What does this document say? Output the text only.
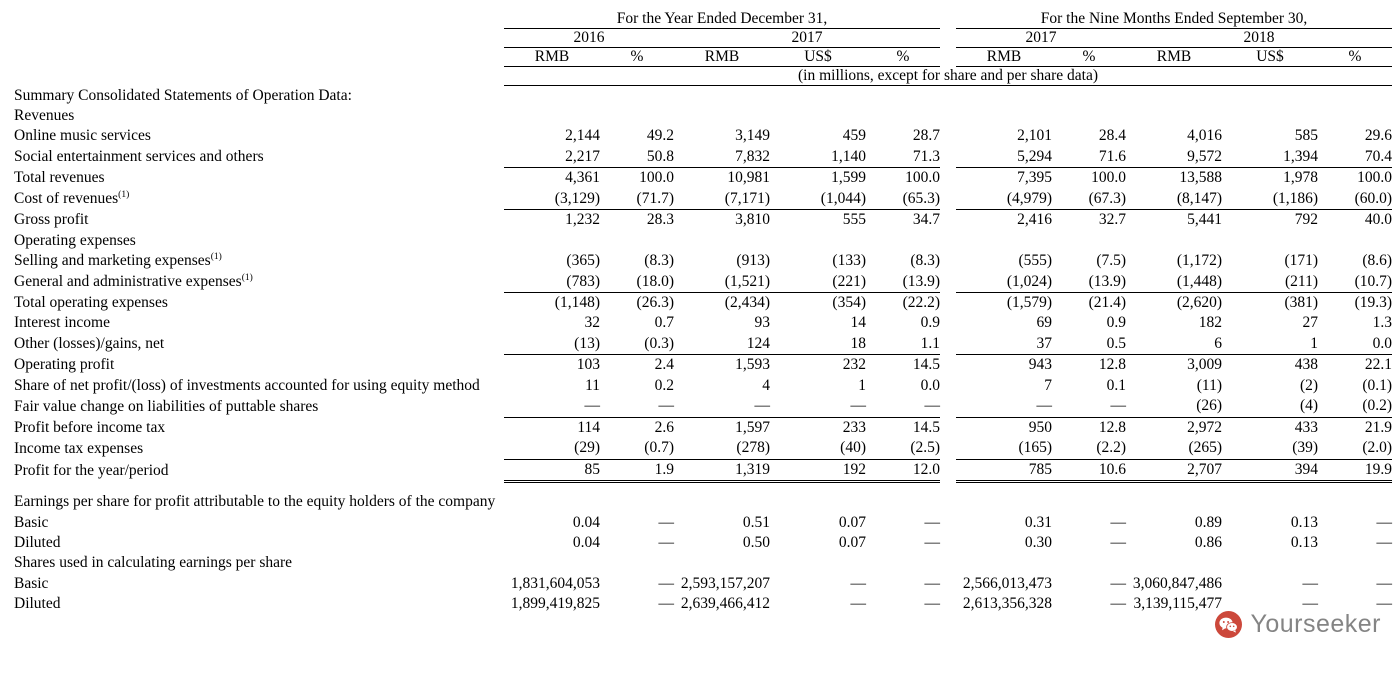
	For the Year Ended December 31,						For the Nine Months Ended September 30,				
	2016		2017				2017		2018		
	RMB	%	RMB	US$	%		RMB	%	RMB	US$	%
	(in millions, except for share and per share data)										
Summary Consolidated Statements of Operation Data:											
Revenues											
Online music services	2,144	49.2	3,149	459	28.7		2,101	28.4	4,016	585	29.6
Social entertainment services and others	2,217	50.8	7,832	1,140	71.3		5,294	71.6	9,572	1,394	70.4
Total revenues	4,361	100.0	10,981	1,599	100.0		7,395	100.0	13,588	1,978	100.0
Cost of revenues$^{(1)}$	(3,129)	(71.7)	(7,171)	(1,044)	(65.3)		(4,979)	(67.3)	(8,147)	(1,186)	(60.0)
Gross profit	1,232	28.3	3,810	555	34.7		2,416	32.7	5,441	792	40.0
Operating expenses											
Selling and marketing expenses$^{(1)}$	(365)	(8.3)	(913)	(133)	(8.3)		(555)	(7.5)	(1,172)	(171)	(8.6)
General and administrative expenses$^{(1)}$	(783)	(18.0)	(1,521)	(221)	(13.9)		(1,024)	(13.9)	(1,448)	(211)	(10.7)
Total operating expenses	(1,148)	(26.3)	(2,434)	(354)	(22.2)		(1,579)	(21.4)	(2,620)	(381)	(19.3)
Interest income	32	0.7	93	14	0.9		69	0.9	182	27	1.3
Other (losses)/gains, net	(13)	(0.3)	124	18	1.1		37	0.5	6	1	0.0
Operating profit	103	2.4	1,593	232	14.5		943	12.8	3,009	438	22.1
Share of net profit/(loss) of investments accounted for using equity method	11	0.2	4	1	0.0		7	0.1	(11)	(2)	(0.1)
Fair value change on liabilities of puttable shares	—	—	—	—	—		—	—	(26)	(4)	(0.2)
Profit before income tax	114	2.6	1,597	233	14.5		950	12.8	2,972	433	21.9
Income tax expenses	(29)	(0.7)	(278)	(40)	(2.5)		(165)	(2.2)	(265)	(39)	(2.0)
Profit for the year/period	85	1.9	1,319	192	12.0		785	10.6	2,707	394	19.9

Earnings per share for profit attributable to the equity holders of the company											
Basic	0.04	—	0.51	0.07	—		0.31	—	0.89	0.13	—
Diluted	0.04	—	0.50	0.07	—		0.30	—	0.86	0.13	—
Shares used in calculating earnings per share											
Basic	1,831,604,053	—	2,593,157,207	—	—		2,566,013,473	—	3,060,847,486	—	—
Diluted	1,899,419,825	—	2,639,466,412	—	—		2,613,356,328	—	3,139,115,477	—	—
Yourseeker
